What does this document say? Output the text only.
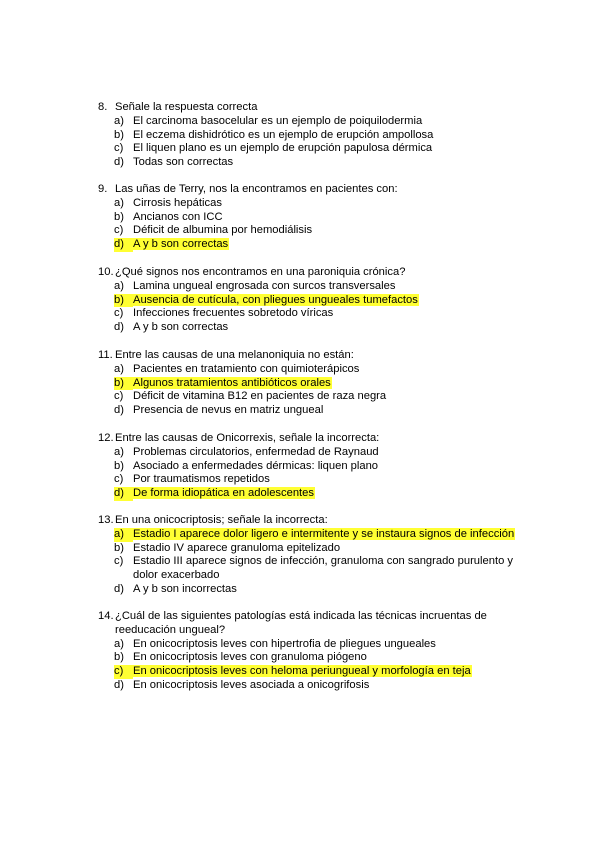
8. Señale la respuesta correcta
a) El carcinoma basocelular es un ejemplo de poiquilodermia
b) El eczema dishidrótico es un ejemplo de erupción ampollosa
c) El liquen plano es un ejemplo de erupción papulosa dérmica
d) Todas son correctas
9. Las uñas de Terry, nos la encontramos en pacientes con:
a) Cirrosis hepáticas
b) Ancianos con ICC
c) Déficit de albumina por hemodiálisis
d) A y b son correctas
10. ¿Qué signos nos encontramos en una paroniquia crónica?
a) Lamina ungueal engrosada con surcos transversales
b) Ausencia de cutícula, con pliegues ungueales tumefactos
c) Infecciones frecuentes sobretodo víricas
d) A y b son correctas
11. Entre las causas de una melanoniquia no están:
a) Pacientes en tratamiento con quimioterápicos
b) Algunos tratamientos antibióticos orales
c) Déficit de vitamina B12 en pacientes de raza negra
d) Presencia de nevus en matriz ungueal
12. Entre las causas de Onicorrexis, señale la incorrecta:
a) Problemas circulatorios, enfermedad de Raynaud
b) Asociado a enfermedades dérmicas: liquen plano
c) Por traumatismos repetidos
d) De forma idiopática en adolescentes
13. En una onicocriptosis; señale la incorrecta:
a) Estadio I aparece dolor ligero e intermitente y se instaura signos de infección
b) Estadio IV aparece granuloma epitelizado
c) Estadio III aparece signos de infección, granuloma con sangrado purulento y dolor exacerbado
d) A y b son incorrectas
14. ¿Cuál de las siguientes patologías está indicada las técnicas incruentas de reeducación ungueal?
a) En onicocriptosis leves con hipertrofia de pliegues ungueales
b) En onicocriptosis leves con granuloma piógeno
c) En onicocriptosis leves con heloma periungueal y morfología en teja
d) En onicocriptosis leves asociada a onicogrifosis
